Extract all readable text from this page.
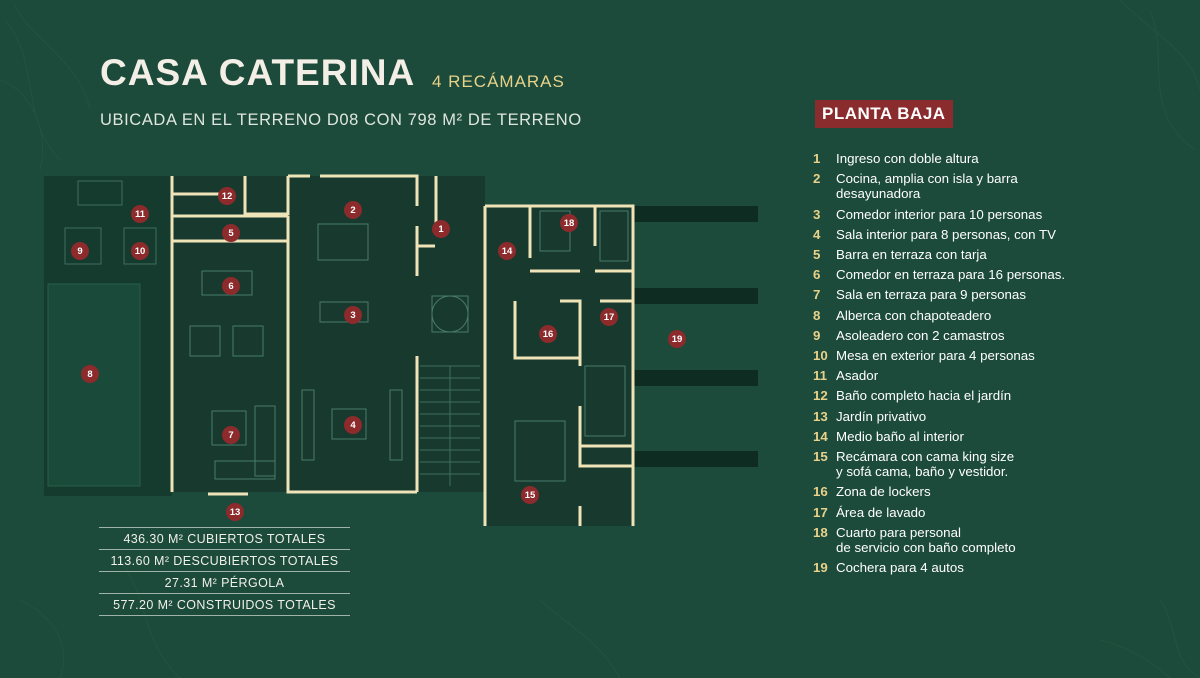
CASA CATERINA 4 RECÁMARAS
UBICADA EN EL TERRENO D08 CON 798 M² DE TERRENO
1
2
3
4
5
6
7
8
9	10
11
12
13
14
15
16
17
18
19
436.30 M² CUBIERTOS TOTALES
113.60 M² DESCUBIERTOS TOTALES
27.31 M² PÉRGOLA
577.20 M² CONSTRUIDOS TOTALES
PLANTA BAJA
1	Ingreso con doble altura
2	Cocina, amplia con isla y barra
desayunadora
3	Comedor interior para 10 personas
4	Sala interior para 8 personas, con TV
5	Barra en terraza con tarja
6	Comedor en terraza para 16 personas.
7	Sala en terraza para 9 personas
8	Alberca con chapoteadero
9	Asoleadero con 2 camastros
10 Mesa en exterior para 4 personas
11 Asador
12 Baño completo hacia el jardín
13 Jardín privativo
14 Medio baño al interior
15 Recámara con cama king size
y sofá cama, baño y vestidor.
16 Zona de lockers
17 Área de lavado
18 Cuarto para personal
de servicio con baño completo
19 Cochera para 4 autos
